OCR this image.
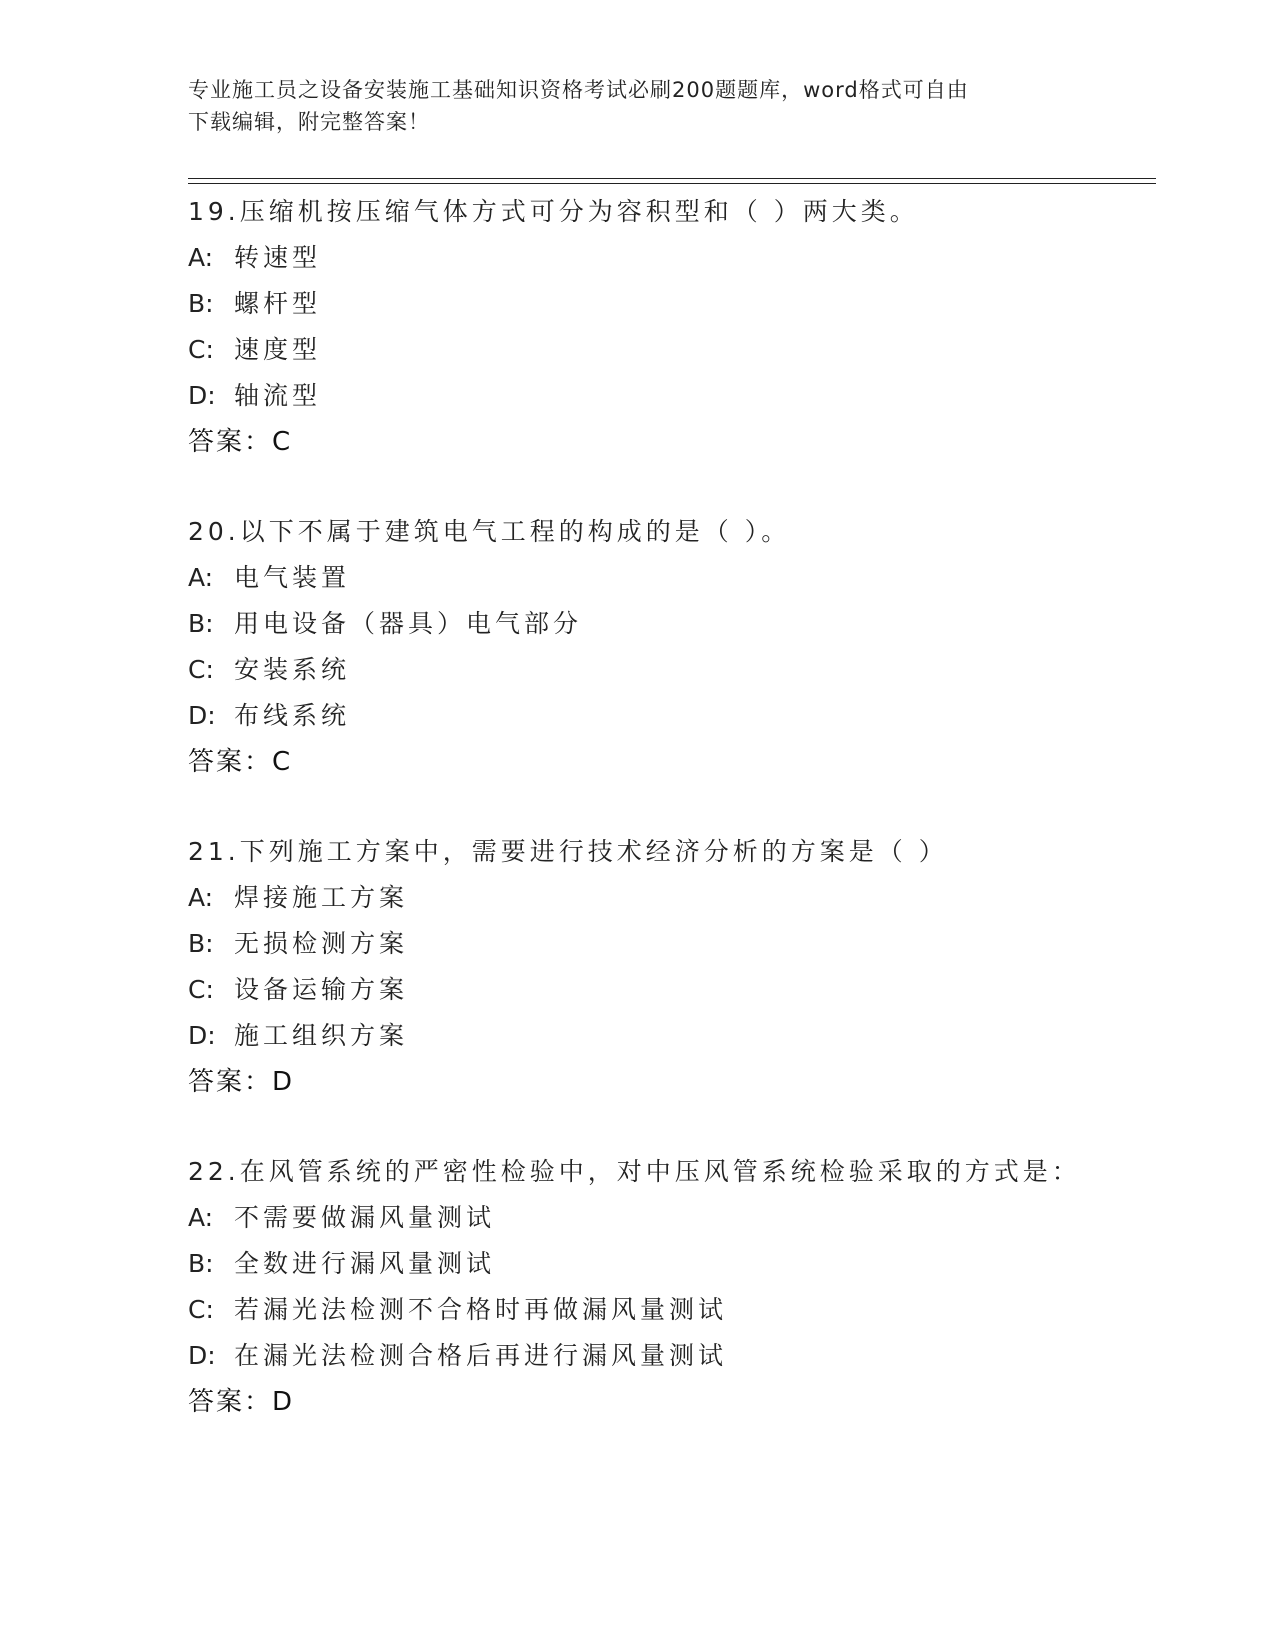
专业施工员之设备安装施工基础知识资格考试必刷200题题库，word格式可自由
下载编辑，附完整答案！
19.压缩机按压缩气体方式可分为容积型和（ ）两大类。
A: 转速型
B: 螺杆型
C: 速度型
D: 轴流型
答案： C
20.以下不属于建筑电气工程的构成的是（ ）。
A: 电气装置
B: 用电设备（器具）电气部分
C: 安装系统
D: 布线系统
答案： C
21.下列施工方案中，需要进行技术经济分析的方案是（ ）
A: 焊接施工方案
B: 无损检测方案
C: 设备运输方案
D: 施工组织方案
答案： D
22.在风管系统的严密性检验中，对中压风管系统检验采取的方式是：
A: 不需要做漏风量测试
B: 全数进行漏风量测试
C: 若漏光法检测不合格时再做漏风量测试
D: 在漏光法检测合格后再进行漏风量测试
答案： D
